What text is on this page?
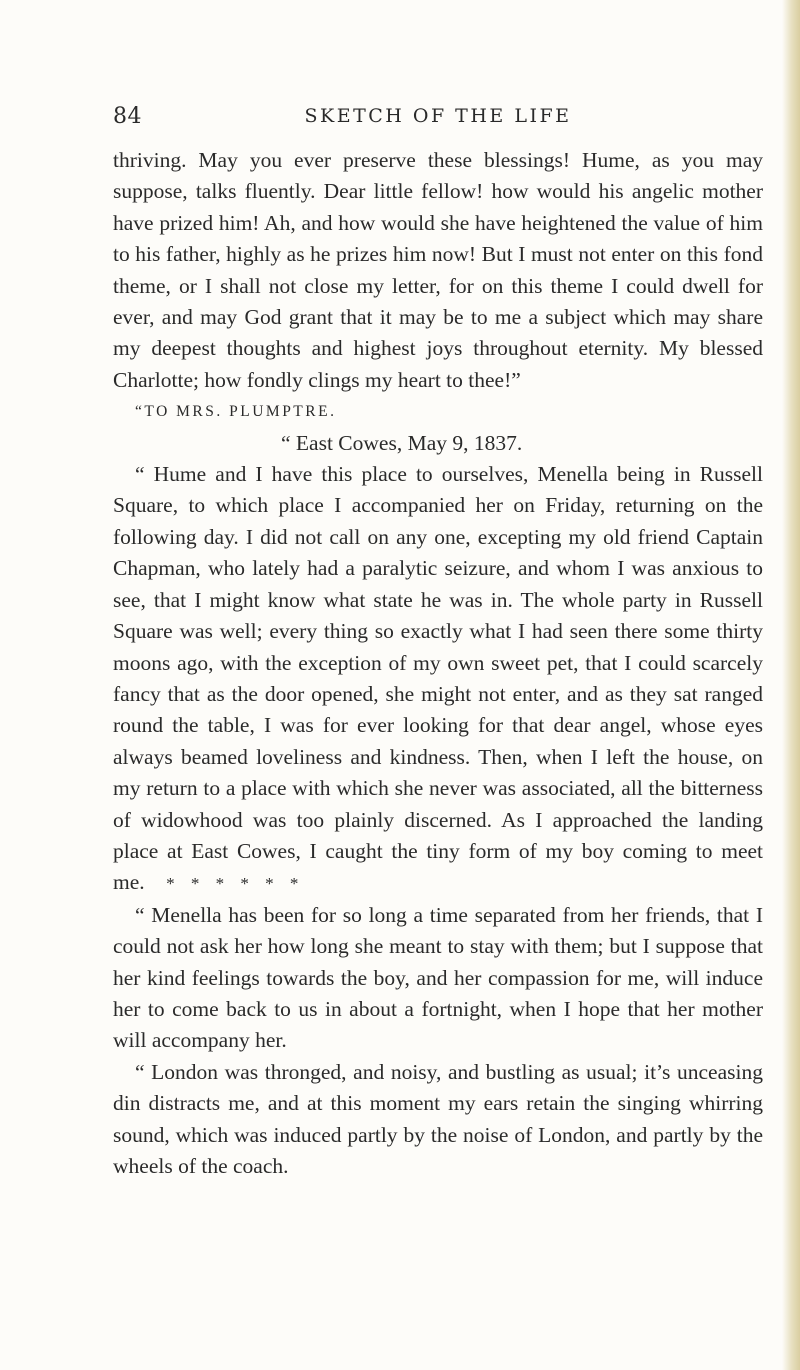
84	SKETCH OF THE LIFE

thriving. May you ever preserve these blessings! Hume, as you may suppose, talks fluently. Dear little fellow! how would his angelic mother have prized him! Ah, and how would she have heightened the value of him to his father, highly as he prizes him now! But I must not enter on this fond theme, or I shall not close my letter, for on this theme I could dwell for ever, and may God grant that it may be to me a subject which may share my deepest thoughts and highest joys throughout eternity. My blessed Charlotte; how fondly clings my heart to thee!”

“TO MRS. PLUMPTRE.

“ East Cowes, May 9, 1837.

“ Hume and I have this place to ourselves, Menella being in Russell Square, to which place I accompanied her on Friday, returning on the following day. I did not call on any one, excepting my old friend Captain Chapman, who lately had a paralytic seizure, and whom I was anxious to see, that I might know what state he was in. The whole party in Russell Square was well; every thing so exactly what I had seen there some thirty moons ago, with the exception of my own sweet pet, that I could scarcely fancy that as the door opened, she might not enter, and as they sat ranged round the table, I was for ever looking for that dear angel, whose eyes always beamed loveliness and kindness. Then, when I left the house, on my return to a place with which she never was associated, all the bitterness of widowhood was too plainly discerned. As I approached the landing place at East Cowes, I caught the tiny form of my boy coming to meet me. * * * * * *

“ Menella has been for so long a time separated from her friends, that I could not ask her how long she meant to stay with them; but I suppose that her kind feelings towards the boy, and her compassion for me, will induce her to come back to us in about a fortnight, when I hope that her mother will accompany her.

“ London was thronged, and noisy, and bustling as usual; it’s unceasing din distracts me, and at this moment my ears retain the singing whirring sound, which was induced partly by the noise of London, and partly by the wheels of the coach.
